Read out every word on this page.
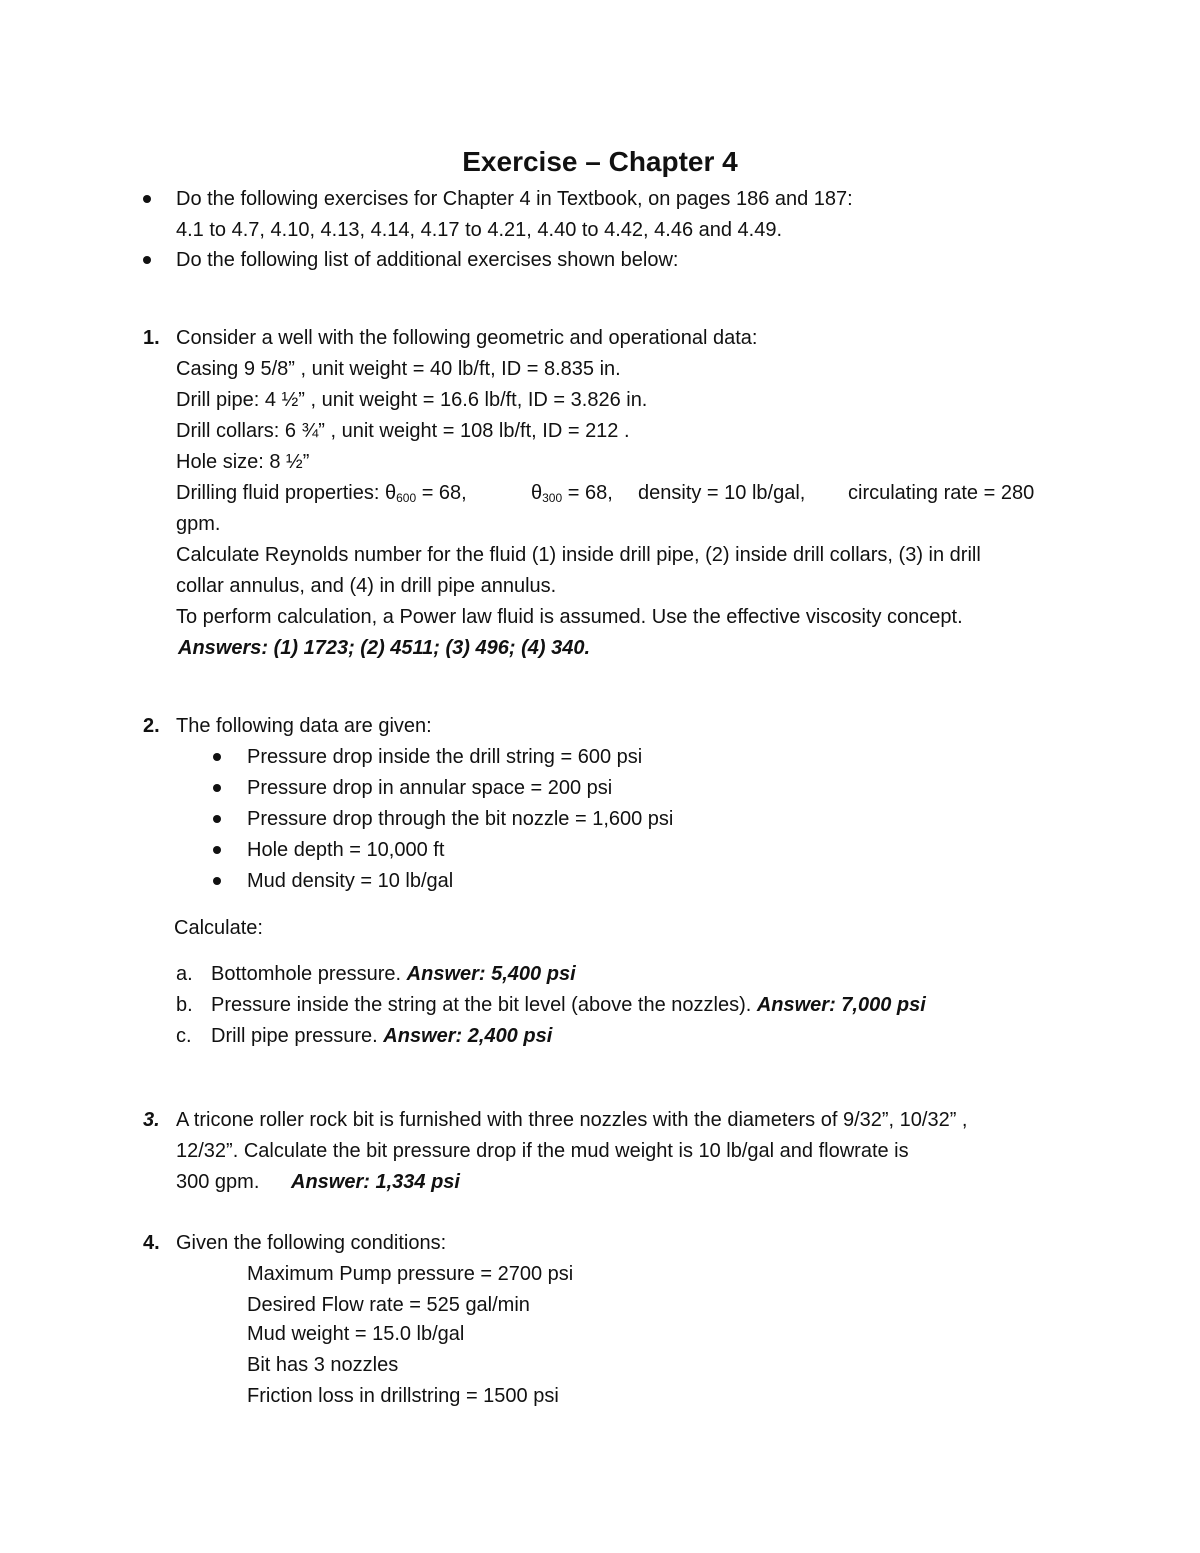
Exercise – Chapter 4
Do the following exercises for Chapter 4 in Textbook, on pages 186 and 187:
4.1 to 4.7, 4.10, 4.13, 4.14, 4.17 to 4.21, 4.40 to 4.42, 4.46 and 4.49.
Do the following list of additional exercises shown below:
1. Consider a well with the following geometric and operational data:
Casing 9 5/8” , unit weight = 40 lb/ft, ID = 8.835 in.
Drill pipe: 4 ½” , unit weight = 16.6 lb/ft, ID = 3.826 in.
Drill collars: 6 ¾” , unit weight = 108 lb/ft, ID = 212 .
Hole size: 8 ½”
Drilling fluid properties: $\theta_{600} = 68$,	$\theta_{300} = 68$, density = 10 lb/gal, circulating rate = 280
gpm.
Calculate Reynolds number for the fluid (1) inside drill pipe, (2) inside drill collars, (3) in drill
collar annulus, and (4) in drill pipe annulus.
To perform calculation, a Power law fluid is assumed. Use the effective viscosity concept.
Answers: (1) 1723; (2) 4511; (3) 496; (4) 340.
2. The following data are given:
Pressure drop inside the drill string = 600 psi
Pressure drop in annular space = 200 psi
Pressure drop through the bit nozzle = 1,600 psi
Hole depth = 10,000 ft
Mud density = 10 lb/gal
Calculate:
a. Bottomhole pressure. Answer: 5,400 psi
b. Pressure inside the string at the bit level (above the nozzles). Answer: 7,000 psi
c. Drill pipe pressure. Answer: 2,400 psi
3. A tricone roller rock bit is furnished with three nozzles with the diameters of 9/32”, 10/32” ,
12/32”. Calculate the bit pressure drop if the mud weight is 10 lb/gal and flowrate is
300 gpm. Answer: 1,334 psi
4. Given the following conditions:
Maximum Pump pressure = 2700 psi
Desired Flow rate = 525 gal/min
Mud weight = 15.0 lb/gal
Bit has 3 nozzles
Friction loss in drillstring = 1500 psi
